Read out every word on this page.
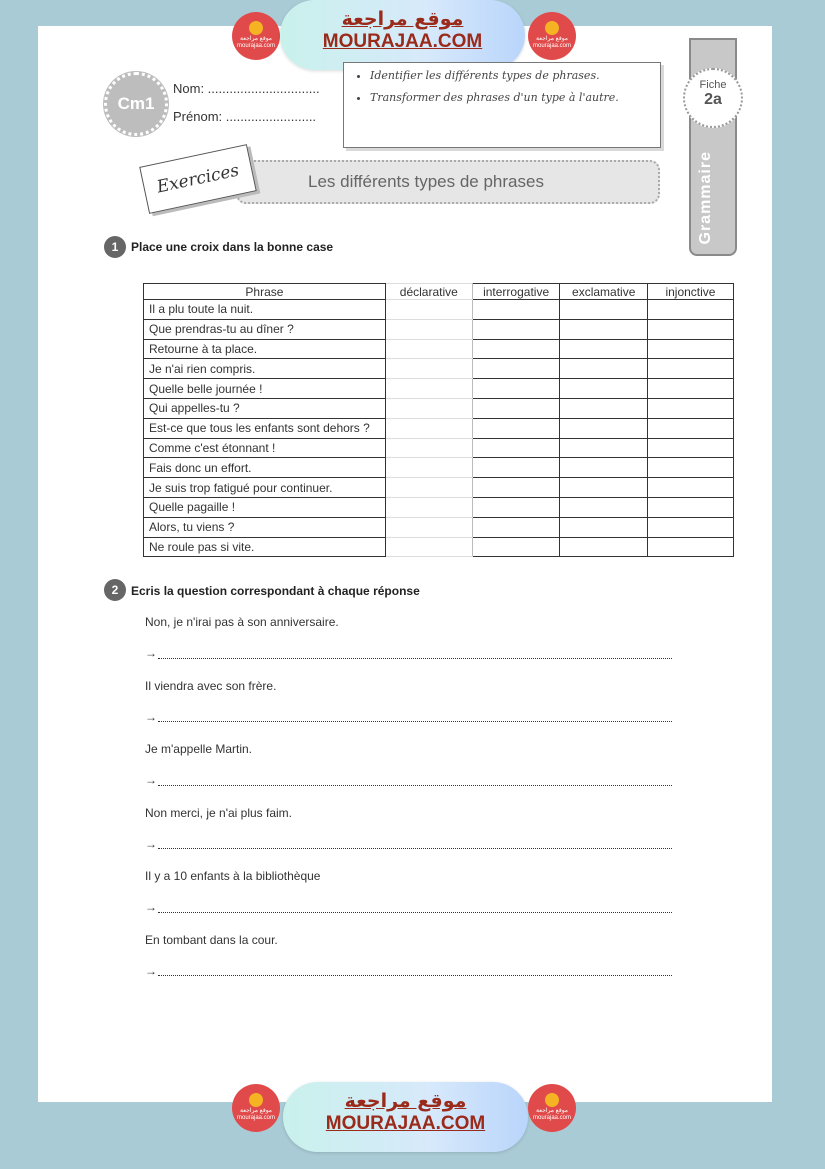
موقع مراجعة mourajaa.com
موقع مراجعة
MOURAJAA.COM	موقع مراجعة mourajaa.com
Cm1
Nom: ...............................
Prénom: .........................
• Identifier les différents types de phrases.
• Transformer des phrases d'un type à l'autre.
Grammaire
Fiche
2a
Les différents types de phrases
Exercices
1	Place une croix dans la bonne case
Phrase	déclarative	interrogative	exclamative	injonctive
Il a plu toute la nuit.				
Que prendras-tu au dîner ?				
Retourne à ta place.				
Je n'ai rien compris.				
Quelle belle journée !				
Qui appelles-tu ?				
Est-ce que tous les enfants sont dehors ?				
Comme c'est étonnant !				
Fais donc un effort.				
Je suis trop fatigué pour continuer.				
Quelle pagaille !				
Alors, tu viens ?				
Ne roule pas si vite.				
2	Ecris la question correspondant à chaque réponse
Non, je n'irai pas à son anniversaire.
→
Il viendra avec son frère.
→
Je m'appelle Martin.
→
Non merci, je n'ai plus faim.
→
Il y a 10 enfants à la bibliothèque
→
En tombant dans la cour.
→
موقع مراجعة mourajaa.com
موقع مراجعة
MOURAJAA.COM
موقع مراجعة mourajaa.com
